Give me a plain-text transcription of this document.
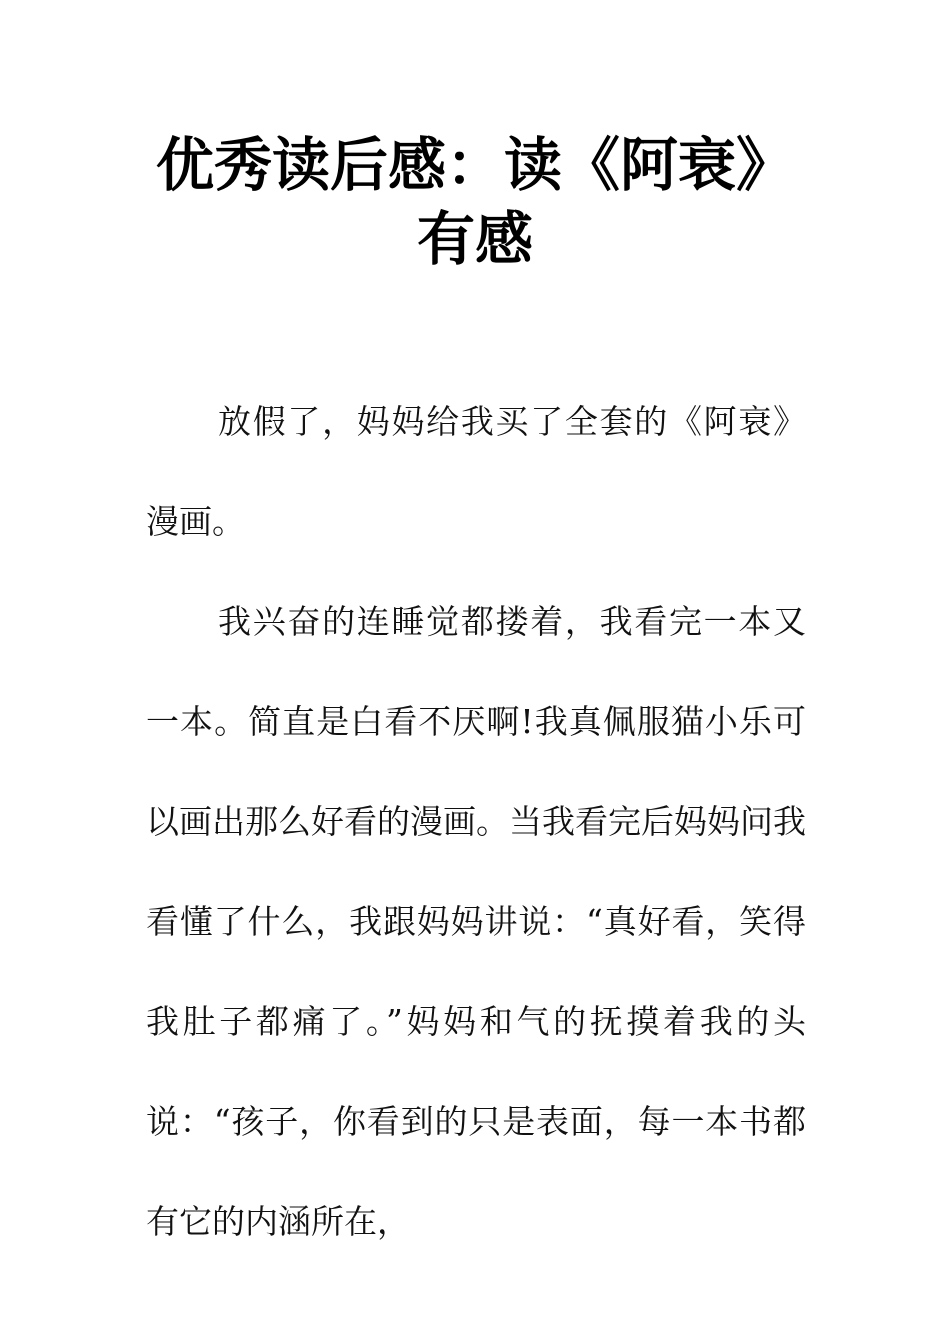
优秀读后感：读《阿衰》
有感

放假了，妈妈给我买了全套的《阿衰》漫画。

我兴奋的连睡觉都搂着，我看完一本又一本。简直是白看不厌啊!我真佩服猫小乐可以画出那么好看的漫画。当我看完后妈妈问我看懂了什么，我跟妈妈讲说：“真好看，笑得我肚子都痛了。”妈妈和气的抚摸着我的头说：“孩子，你看到的只是表面，每一本书都有它的内涵所在，
